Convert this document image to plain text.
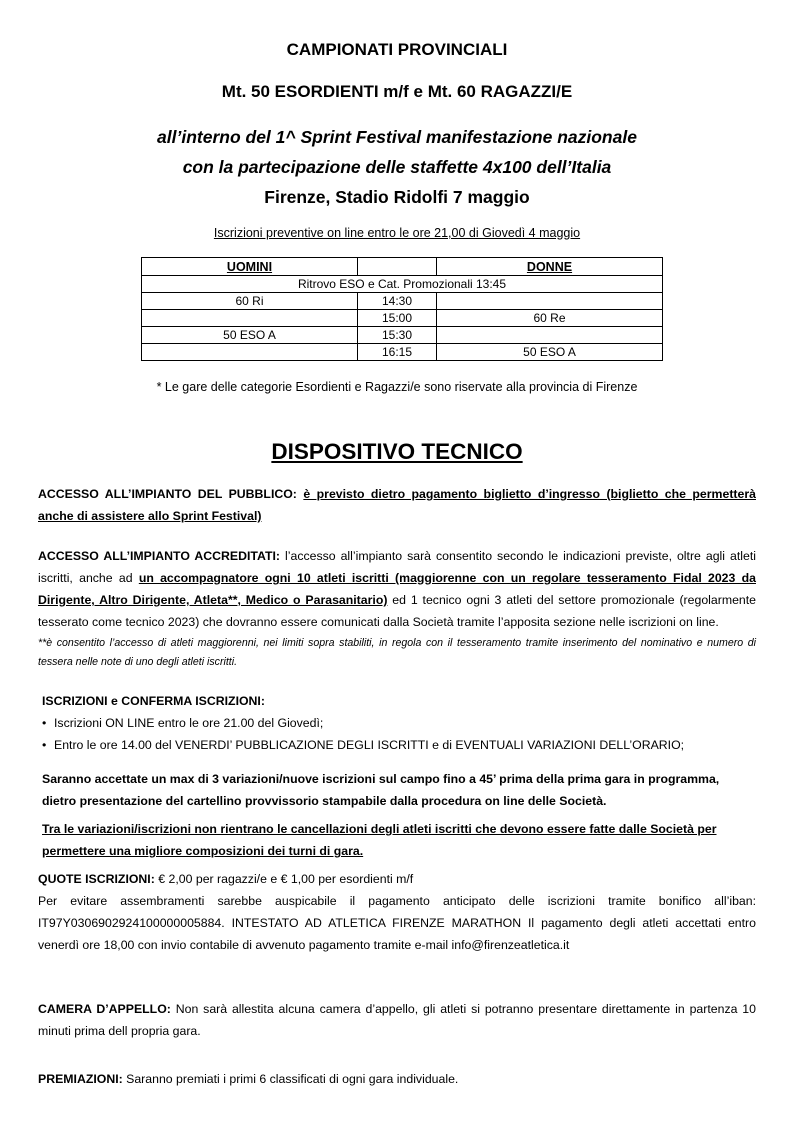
CAMPIONATI PROVINCIALI
Mt. 50 ESORDIENTI m/f e Mt. 60 RAGAZZI/E
all’interno del 1^ Sprint Festival manifestazione nazionale
con la partecipazione delle staffette 4x100 dell’Italia
Firenze, Stadio Ridolfi 7 maggio
Iscrizioni preventive on line entro le ore 21,00 di Giovedì 4 maggio
UOMINI		DONNE
Ritrovo ESO e Cat. Promozionali 13:45		
60 Ri	14:30	
	15:00	60 Re
50 ESO A	15:30	
	16:15	50 ESO A
* Le gare delle categorie Esordienti e Ragazzi/e sono riservate alla provincia di Firenze
DISPOSITIVO TECNICO

ACCESSO ALL’IMPIANTO DEL PUBBLICO: è previsto dietro pagamento biglietto d’ingresso (biglietto che permetterà anche di assistere allo Sprint Festival)

ACCESSO ALL’IMPIANTO ACCREDITATI: l’accesso all’impianto sarà consentito secondo le indicazioni previste, oltre agli atleti iscritti, anche ad un accompagnatore ogni 10 atleti iscritti (maggiorenne con un regolare tesseramento Fidal 2023 da Dirigente, Altro Dirigente, Atleta**, Medico o Parasanitario) ed 1 tecnico ogni 3 atleti del settore promozionale (regolarmente tesserato come tecnico 2023) che dovranno essere comunicati dalla Società tramite l’apposita sezione nelle iscrizioni on line.

**è consentito l’accesso di atleti maggiorenni, nei limiti sopra stabiliti, in regola con il tesseramento tramite inserimento del nominativo e numero di tessera nelle note di uno degli atleti iscritti.

ISCRIZIONI e CONFERMA ISCRIZIONI:
• Iscrizioni ON LINE entro le ore 21.00 del Giovedì;
• Entro le ore 14.00 del VENERDI’ PUBBLICAZIONE DEGLI ISCRITTI e di EVENTUALI VARIAZIONI DELL’ORARIO;

Saranno accettate un max di 3 variazioni/nuove iscrizioni sul campo fino a 45’ prima della prima gara in programma, dietro presentazione del cartellino provvissorio stampabile dalla procedura on line delle Società.

Tra le variazioni/iscrizioni non rientrano le cancellazioni degli atleti iscritti che devono essere fatte dalle Società per permettere una migliore composizioni dei turni di gara.

QUOTE ISCRIZIONI: € 2,00 per ragazzi/e e € 1,00 per esordienti m/f

Per evitare assembramenti sarebbe auspicabile il pagamento anticipato delle iscrizioni tramite bonifico all’iban: IT97Y0306902924100000005884. INTESTATO AD ATLETICA FIRENZE MARATHON Il pagamento degli atleti accettati entro venerdì ore 18,00 con invio contabile di avvenuto pagamento tramite e-mail info@firenzeatletica.it

CAMERA D’APPELLO: Non sarà allestita alcuna camera d’appello, gli atleti si potranno presentare direttamente in partenza 10 minuti prima dell propria gara.

PREMIAZIONI: Saranno premiati i primi 6 classificati di ogni gara individuale.
